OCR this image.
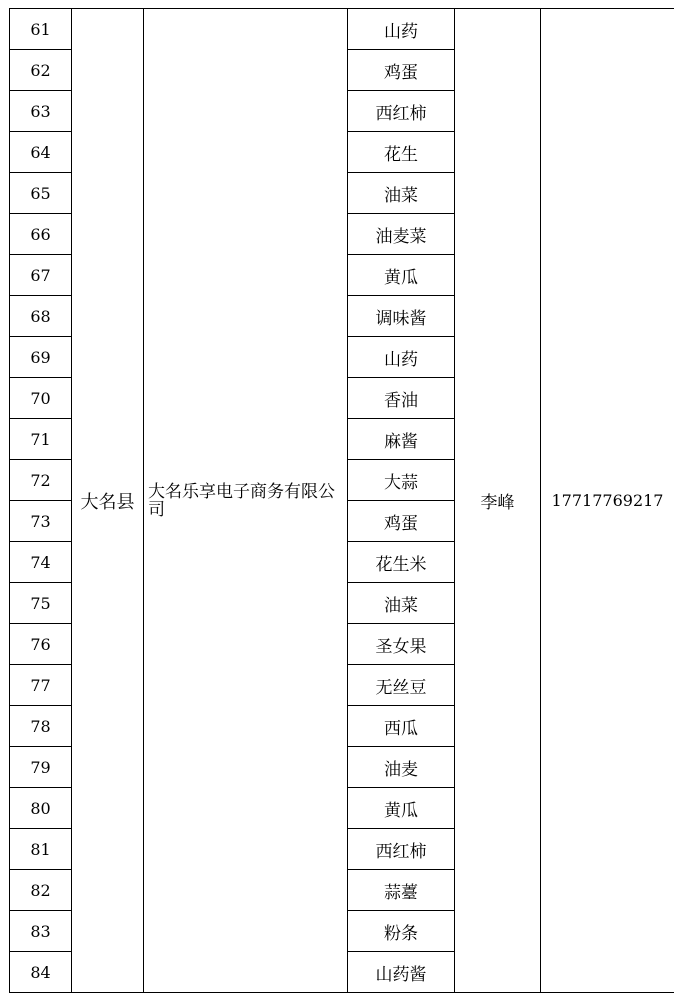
61	大名县	大名乐享电子商务有限公司	山药	李峰	17717769217
62			鸡蛋		
63			西红柿		
64			花生		
65			油菜		
66			油麦菜		
67			黄瓜		
68			调味酱		
69			山药		
70			香油		
71			麻酱		
72			大蒜		
73			鸡蛋		
74			花生米		
75			油菜		
76			圣女果		
77			无丝豆		
78			西瓜		
79			油麦		
80			黄瓜		
81			西红柿		
82			蒜薹		
83			粉条		
84			山药酱		
